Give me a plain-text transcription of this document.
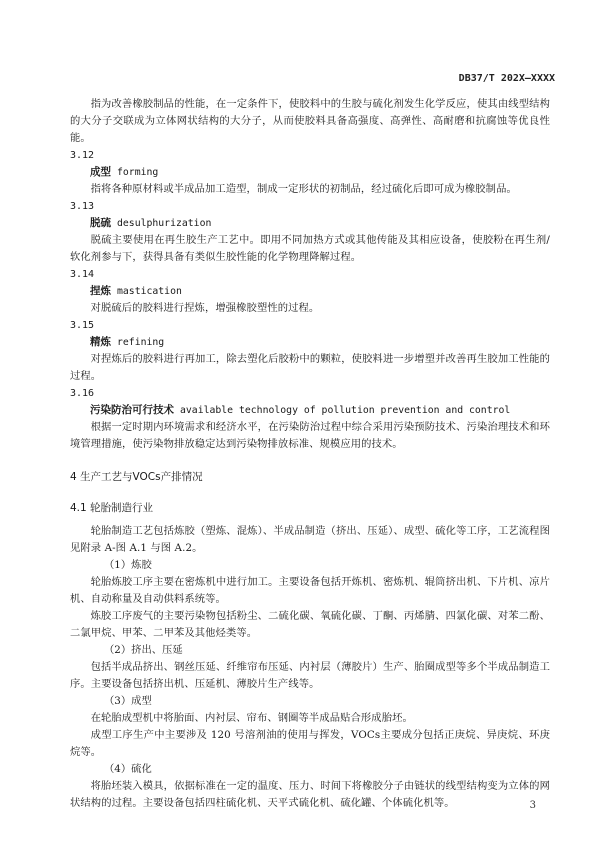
DB37/T 202X—XXXX

指为改善橡胶制品的性能，在一定条件下，使胶料中的生胶与硫化剂发生化学反应，使其由线型结构的大分子交联成为立体网状结构的大分子，从而使胶料具备高强度、高弹性、高耐磨和抗腐蚀等优良性能。

3.12
成型 forming

指将各种原材料或半成品加工造型，制成一定形状的初制品，经过硫化后即可成为橡胶制品。

3.13
脱硫 desulphurization

脱硫主要使用在再生胶生产工艺中。即用不同加热方式或其他传能及其相应设备，使胶粉在再生剂/软化剂参与下，获得具备有类似生胶性能的化学物理降解过程。

3.14
捏炼 mastication

对脱硫后的胶料进行捏炼，增强橡胶塑性的过程。

3.15
精炼 refining

对捏炼后的胶料进行再加工，除去塑化后胶粉中的颗粒，使胶料进一步增塑并改善再生胶加工性能的过程。

3.16
污染防治可行技术 available technology of pollution prevention and control

根据一定时期内环境需求和经济水平，在污染防治过程中综合采用污染预防技术、污染治理技术和环境管理措施，使污染物排放稳定达到污染物排放标准、规模应用的技术。

4 生产工艺与VOCs产排情况
4.1 轮胎制造行业

轮胎制造工艺包括炼胶（塑炼、混炼）、半成品制造（挤出、压延）、成型、硫化等工序，工艺流程图见附录 A-图 A.1 与图 A.2。

（1）炼胶

轮胎炼胶工序主要在密炼机中进行加工。主要设备包括开炼机、密炼机、辊筒挤出机、下片机、凉片机、自动称量及自动供料系统等。

炼胶工序废气的主要污染物包括粉尘、二硫化碳、氧硫化碳、丁酮、丙烯腈、四氯化碳、对苯二酚、二氯甲烷、甲苯、二甲苯及其他烃类等。

（2）挤出、压延

包括半成品挤出、钢丝压延、纤维帘布压延、内衬层（薄胶片）生产、胎圈成型等多个半成品制造工序。主要设备包括挤出机、压延机、薄胶片生产线等。

（3）成型

在轮胎成型机中将胎面、内衬层、帘布、钢圈等半成品贴合形成胎坯。

成型工序生产中主要涉及 120 号溶剂油的使用与挥发，VOCs主要成分包括正庚烷、异庚烷、环庚烷等。

（4）硫化

将胎坯装入模具，依据标准在一定的温度、压力、时间下将橡胶分子由链状的线型结构变为立体的网状结构的过程。主要设备包括四柱硫化机、天平式硫化机、硫化罐、个体硫化机等。	3
